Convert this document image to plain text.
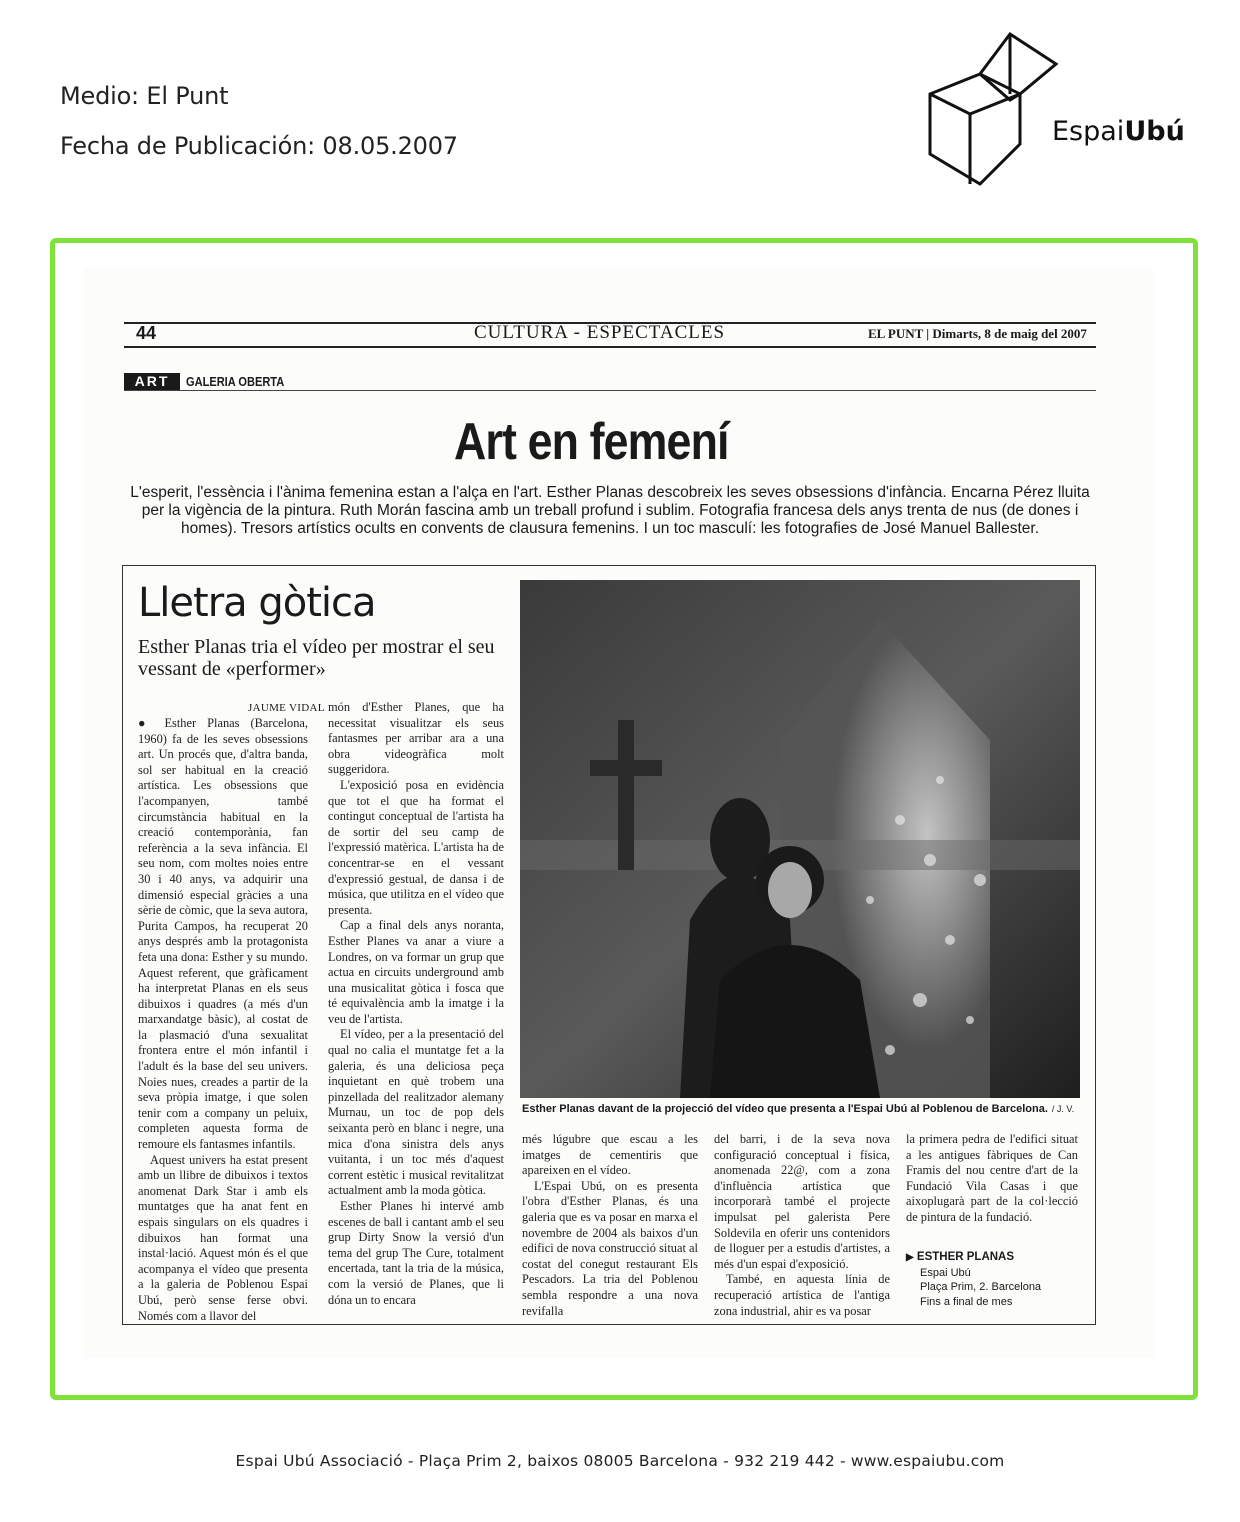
Medio: El Punt
Fecha de Publicación: 08.05.2007	EspaiUbú
44	CULTURA - ESPECTACLES	EL PUNT | Dimarts, 8 de maig del 2007
ART	GALERIA OBERTA
Art en femení
L'esperit, l'essència i l'ànima femenina estan a l'alça en l'art. Esther Planas descobreix les seves obsessions d'infància. Encarna Pérez lluita per la vigència de la pintura. Ruth Morán fascina amb un treball profund i sublim. Fotografia francesa dels anys trenta de nus (de dones i homes). Tresors artístics ocults en convents de clausura femenins. I un toc masculí: les fotografies de José Manuel Ballester.
Lletra gòtica
Esther Planas tria el vídeo per mostrar el seu vessant de «performer»
Esther Planas davant de la projecció del vídeo que presenta a l'Espai Ubú al Poblenou de Barcelona. / J. V.
JAUME VIDAL

● Esther Planas (Barcelona, 1960) fa de les seves obsessions art. Un procés que, d'altra banda, sol ser habitual en la creació artística. Les obsessions que l'acompanyen, també circumstància habitual en la creació contemporània, fan referència a la seva infància. El seu nom, com moltes noies entre 30 i 40 anys, va adquirir una dimensió especial gràcies a una sèrie de còmic, que la seva autora, Purita Campos, ha recuperat 20 anys després amb la protagonista feta una dona: Esther y su mundo. Aquest referent, que gràficament ha interpretat Planas en els seus dibuixos i quadres (a més d'un marxandatge bàsic), al costat de la plasmació d'una sexualitat frontera entre el món infantil i l'adult és la base del seu univers. Noies nues, creades a partir de la seva pròpia imatge, i que solen tenir com a company un peluix, completen aquesta forma de remoure els fantasmes infantils.

Aquest univers ha estat present amb un llibre de dibuixos i textos anomenat Dark Star i amb els muntatges que ha anat fent en espais singulars on els quadres i dibuixos han format una instal·lació. Aquest món és el que acompanya el vídeo que presenta a la galeria de Poblenou Espai Ubú, però sense ferse obvi. Només com a llavor del

món d'Esther Planes, que ha necessitat visualitzar els seus fantasmes per arribar ara a una obra videogràfica molt suggeridora.

L'exposició posa en evidència que tot el que ha format el contingut conceptual de l'artista ha de sortir del seu camp de l'expressió matèrica. L'artista ha de concentrar-se en el vessant d'expressió gestual, de dansa i de música, que utilitza en el vídeo que presenta.

Cap a final dels anys noranta, Esther Planes va anar a viure a Londres, on va formar un grup que actua en circuits underground amb una musicalitat gòtica i fosca que té equivalència amb la imatge i la veu de l'artista.

El vídeo, per a la presentació del qual no calia el muntatge fet a la galeria, és una deliciosa peça inquietant en què trobem una pinzellada del realitzador alemany Murnau, un toc de pop dels seixanta però en blanc i negre, una mica d'ona sinistra dels anys vuitanta, i un toc més d'aquest corrent estètic i musical revitalitzat actualment amb la moda gòtica.

Esther Planes hi intervé amb escenes de ball i cantant amb el seu grup Dirty Snow la versió d'un tema del grup The Cure, totalment encertada, tant la tria de la música, com la versió de Planes, que li dóna un to encara

més lúgubre que escau a les imatges de cementiris que apareixen en el vídeo.

L'Espai Ubú, on es presenta l'obra d'Esther Planas, és una galeria que es va posar en marxa el novembre de 2004 als baixos d'un edifici de nova construcció situat al costat del conegut restaurant Els Pescadors. La tria del Poblenou sembla respondre a una nova revifalla

del barri, i de la seva nova configuració conceptual i física, anomenada 22@, com a zona d'influència artística que incorporarà també el projecte impulsat pel galerista Pere Soldevila en oferir uns contenidors de lloguer per a estudis d'artistes, a més d'un espai d'exposició.

També, en aquesta línia de recuperació artística de l'antiga zona industrial, ahir es va posar

la primera pedra de l'edifici situat a les antigues fàbriques de Can Framis del nou centre d'art de la Fundació Vila Casas i que aixoplugarà part de la col·lecció de pintura de la fundació.

▶ ESTHER PLANAS
Espai Ubú
Plaça Prim, 2. Barcelona
Fins a final de mes
Espai Ubú Associació - Plaça Prim 2, baixos 08005 Barcelona - 932 219 442 - www.espaiubu.com
